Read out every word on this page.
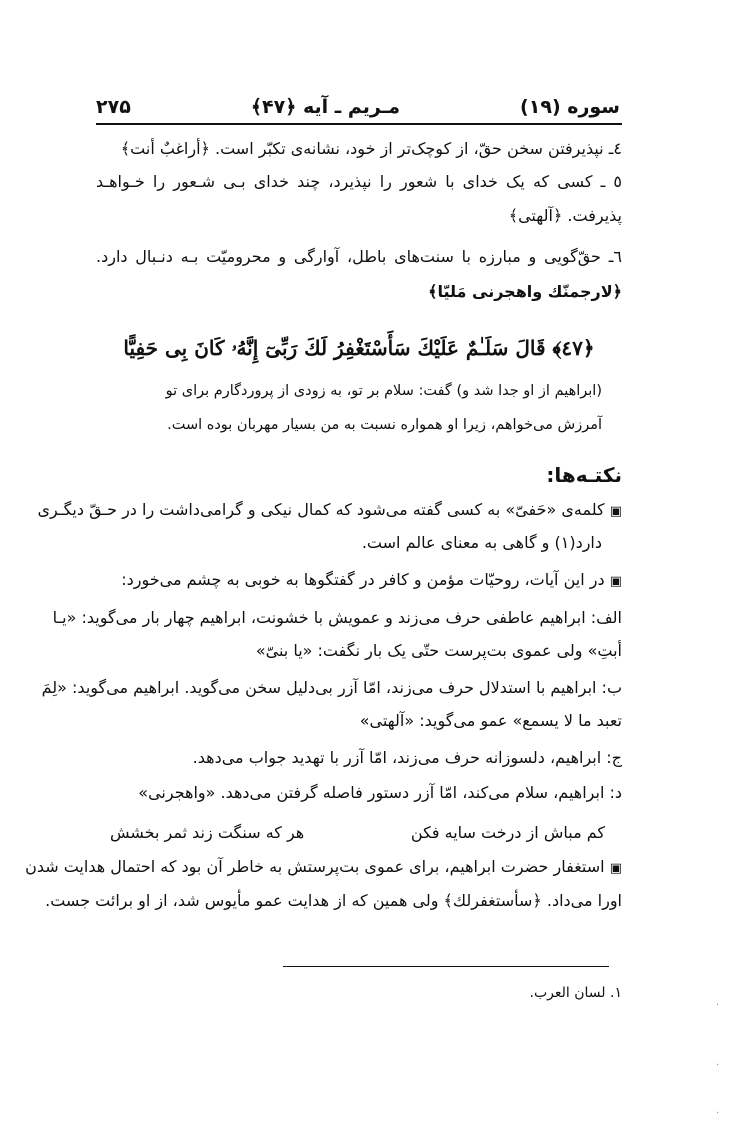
سوره (۱۹)
مـریم ـ آیه ﴿۴۷﴾
۲۷۵
٤ـ نپذیرفتن سخن حقّ، از کوچک‌تر از خود، نشانه‌ی تکبّر است. ﴿أراغبٌ أنت﴾
٥ ـ کسی که یک خدای با شعور را نپذیرد، چند خدای بـی شـعور را خـواهـد
پذیرفت. ﴿آلهتی﴾
٦ـ حقّ‌گویی و مبارزه با سنت‌های باطل، آوارگی و محرومیّت بـه دنـبال دارد.
﴿لارجمنّك واهجرنی مَلیّا﴾
﴿٤٧﴾ قَالَ سَلَـٰمٌ عَلَيْكَ سَأَسْتَغْفِرُ لَكَ رَبِّىٓ إِنَّهُۥ كَانَ بِى حَفِيًّا
(ابراهیم از او جدا شد و) گفت: سلام بر تو، به زودی از پروردگارم برای تو
آمرزش می‌خواهم، زیرا او همواره نسبت به من بسیار مهربان بوده است.
نکتـه‌ها:
▣ کلمه‌ی «حَفیّ» به کسی گفته می‌شود که کمال نیکی و گرامی‌داشت را در حـقّ دیگـری
دارد(۱) و گاهی به معنای عالم است.
▣ در این آیات، روحیّات مؤمن و کافر در گفتگوها به خوبی به چشم می‌خورد:
الف: ابراهیم عاطفی حرف می‌زند و عمویش با خشونت، ابراهیم چهار بار می‌گوید: «یـا
أبتِ» ولی عموی بت‌پرست حتّی یک بار نگفت: «یا بنیّ»
ب: ابراهیم با استدلال حرف می‌زند، امّا آزر بی‌دلیل سخن می‌گوید. ابراهیم می‌گوید: «لِمَ
تعبد ما لا یسمع» عمو می‌گوید: «آلهتی»
ج: ابراهیم، دلسوزانه حرف می‌زند، امّا آزر با تهدید جواب می‌دهد.
د: ابراهیم، سلام می‌کند، امّا آزر دستور فاصله گرفتن می‌دهد. «واهجرنی»
کم مباش از درخت سایه فکن
هر که سنگت زند ثمر بخشش
▣ استغفار حضرت ابراهیم، برای عموی بت‌پرستش به خاطر آن بود که احتمال هدایت شدن
اورا می‌داد. ﴿سأستغفرلك﴾ ولی همین که از هدایت عمو مأیوس شد، از او برائت جست.
۱. لسان العرب.
·
·
·
